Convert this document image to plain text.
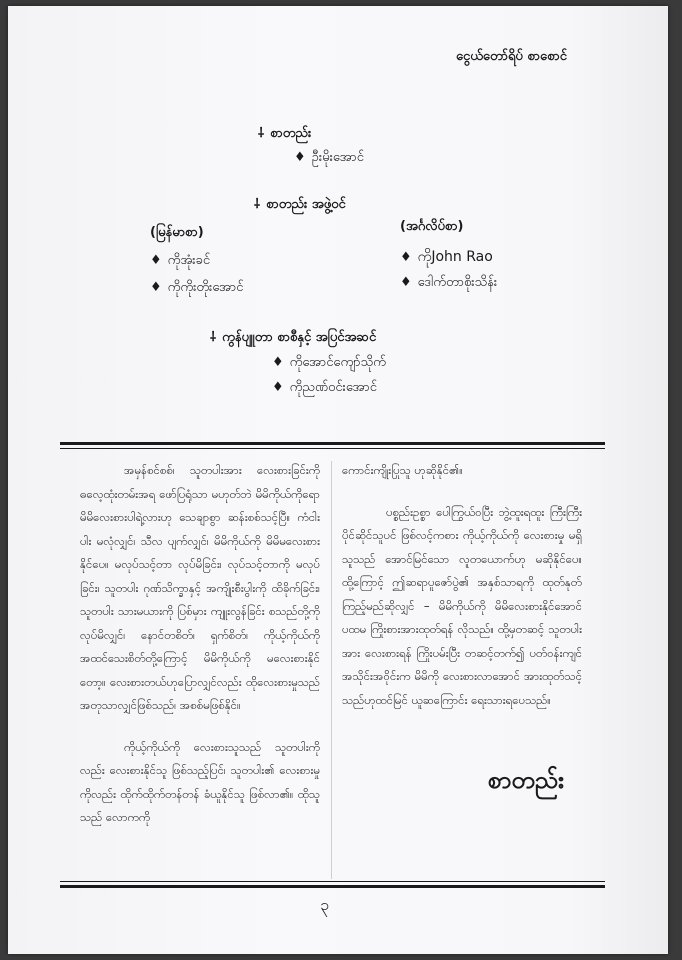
ငွေယ်တော်ရိပ် စာစောင်
⸸ စာတည်း
♦ ဦးမိုးအောင်
⸸ စာတည်း အဖွဲ့ဝင်
(မြန်မာစာ)
♦ ကိုအုံးခင်
♦ ကိုကိုးတိုးအောင်
(အင်္ဂလိပ်စာ)
♦ ကိုJohn Rao
♦ ဒေါက်တာစိုးသိန်း
⸸ ကွန်ပျူတာ စာစီနှင့် အပြင်အဆင်
♦ ကိုအောင်ကျော်သိုက်
♦ ကိုညဏ်ဝင်းအောင်

အမှန်စင်စစ်၊ သူတပါးအား လေးစားခြင်းကို ဓလေ့ထုံးတမ်းအရ ဖော်ပြရုံသာ မဟုတ်ဘဲ မိမိကိုယ်ကိုရော မိမိလေးစားပါရဲ့လားဟု သေချာစွာ ဆန်းစစ်သင့်ပြီ။ ကံငါးပါး မလုံလျှင်၊ သီလ ပျက်လျှင်၊ မိမိကိုယ်ကို မိမိမလေးစားနိုင်ပေ။ မလုပ်သင့်တာ လုပ်မိခြင်း၊ လုပ်သင့်တာကို မလုပ်ခြင်း၊ သူတပါး ဂုဏ်သိက္ခာနှင့် အကျိုးစီးပွါးကို ထိခိုက်ခြင်း၊ သူတပါး သားမယားကို ပြစ်မှား ကျူးလွန်ခြင်း စသည်တို့ကို လုပ်မိလျှင်၊ နောင်တစိတ်၊ ရှက်စိတ်၊ ကိုယ့်ကိုယ်ကို အထင်သေးစိတ်တို့ကြောင့် မိမိကိုယ်ကို မလေးစားနိုင်တော့။ လေးစားတယ်ဟုပြောလျှင်လည်း ထိုလေးစားမှုသည် အတုသာလျှင်ဖြစ်သည်၊ အစစ်မဖြစ်နိုင်။

ကိုယ့်ကိုယ်ကို လေးစားသူသည် သူတပါးကိုလည်း လေးစားနိုင်သူ ဖြစ်သည့်ပြင်၊ သူတပါး၏ လေးစားမှုကိုလည်း ထိုက်ထိုက်တန်တန် ခံယူနိုင်သူ ဖြစ်လာ၏။ ထိုသူသည် လောကကို

ကောင်းကျိုးပြုသူ ဟုဆိုနိုင်၏။

ပစ္စည်းဥစ္စာ ပေါကြွယ်ဝပြီး ဘွဲ့ထူးရထူး ကြီးကြီး ပိုင်ဆိုင်သူပင် ဖြစ်လင့်ကစား ကိုယ့်ကိုယ်ကို လေးစားမှု မရှိသူသည် အောင်မြင်သော လူတယောက်ဟု မဆိုနိုင်ပေ။ ထို့ကြောင့် ဤဆရာပူဇော်ပွဲ၏ အနှစ်သာရကို ထုတ်နုတ်ကြည့်မည်ဆိုလျှင် – မိမိကိုယ်ကို မိမိလေးစားနိုင်အောင် ပထမ ကြိုးစားအားထုတ်ရန် လိုသည်။ ထို့မှတဆင့် သူတပါးအား လေးစားရန် ကြိုးပမ်းပြီး တဆင့်တက်၍ ပတ်ဝန်းကျင် အသိုင်းအဝိုင်းက မိမိကို လေးစားလာအောင် အားထုတ်သင့်သည်ဟုထင်မြင် ယူဆကြောင်း ရေးသားရပေသည်။

စာတည်း
၃
